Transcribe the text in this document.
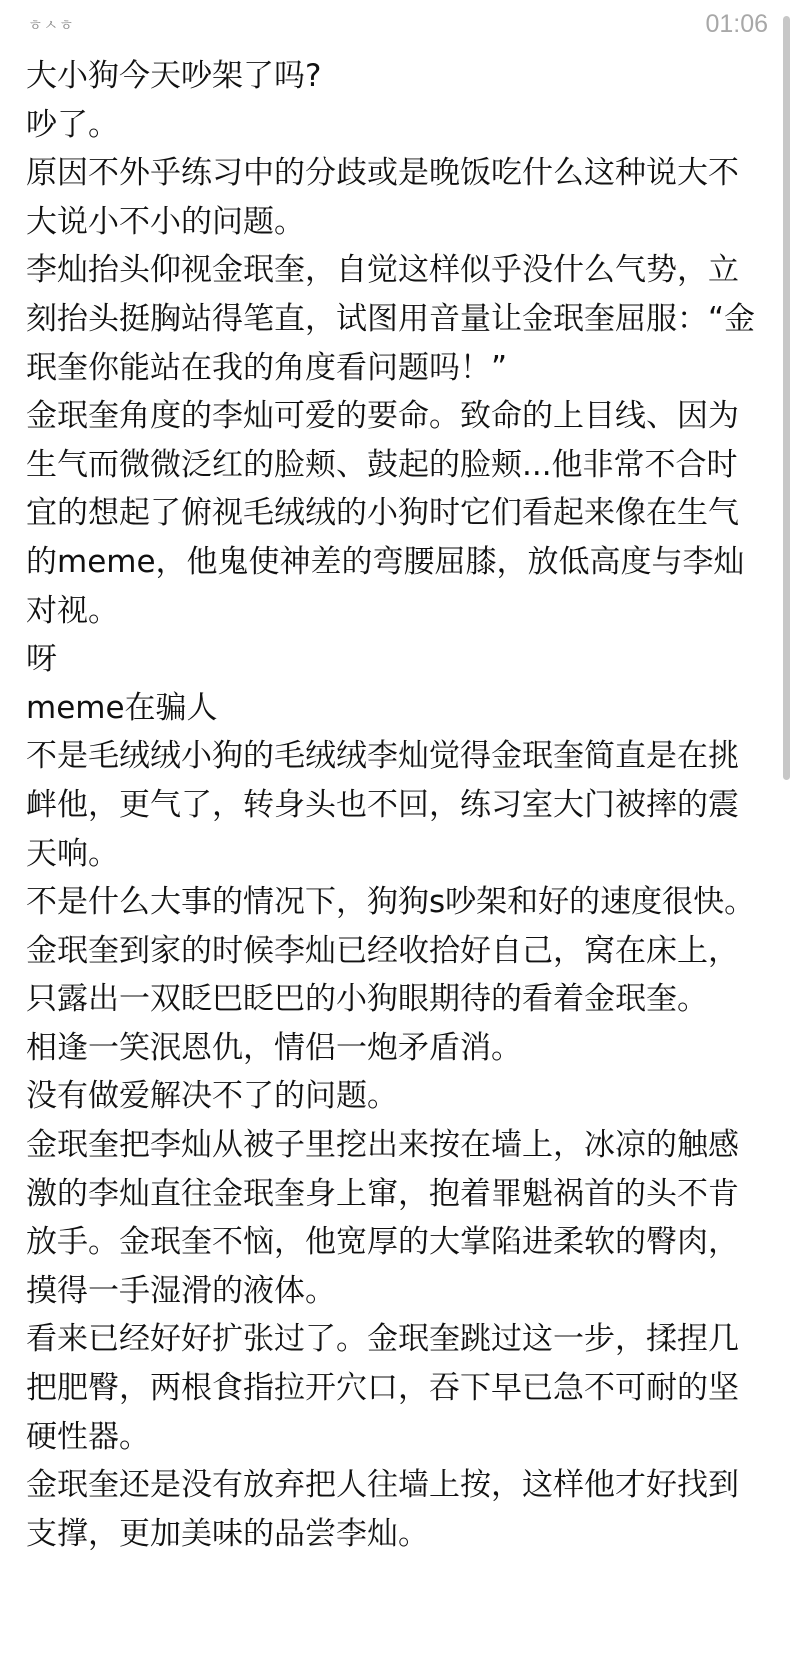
ㅎㅅㅎ	01:06

大小狗今天吵架了吗?

吵了。

原因不外乎练习中的分歧或是晚饭吃什么这种说大不大说小不小的问题。

李灿抬头仰视金珉奎，自觉这样似乎没什么气势，立刻抬头挺胸站得笔直，试图用音量让金珉奎屈服：“金珉奎你能站在我的角度看问题吗！”

金珉奎角度的李灿可爱的要命。致命的上目线、因为生气而微微泛红的脸颊、鼓起的脸颊...他非常不合时宜的想起了俯视毛绒绒的小狗时它们看起来像在生气的meme，他鬼使神差的弯腰屈膝，放低高度与李灿对视。

呀

meme在骗人

不是毛绒绒小狗的毛绒绒李灿觉得金珉奎简直是在挑衅他，更气了，转身头也不回，练习室大门被摔的震天响。

不是什么大事的情况下，狗狗s吵架和好的速度很快。

金珉奎到家的时候李灿已经收拾好自己，窝在床上，只露出一双眨巴眨巴的小狗眼期待的看着金珉奎。

相逢一笑泯恩仇，情侣一炮矛盾消。

没有做爱解决不了的问题。

金珉奎把李灿从被子里挖出来按在墙上，冰凉的触感激的李灿直往金珉奎身上窜，抱着罪魁祸首的头不肯放手。金珉奎不恼，他宽厚的大掌陷进柔软的臀肉，摸得一手湿滑的液体。

看来已经好好扩张过了。金珉奎跳过这一步，揉捏几把肥臀，两根食指拉开穴口，吞下早已急不可耐的坚硬性器。

金珉奎还是没有放弃把人往墙上按，这样他才好找到支撑，更加美味的品尝李灿。
